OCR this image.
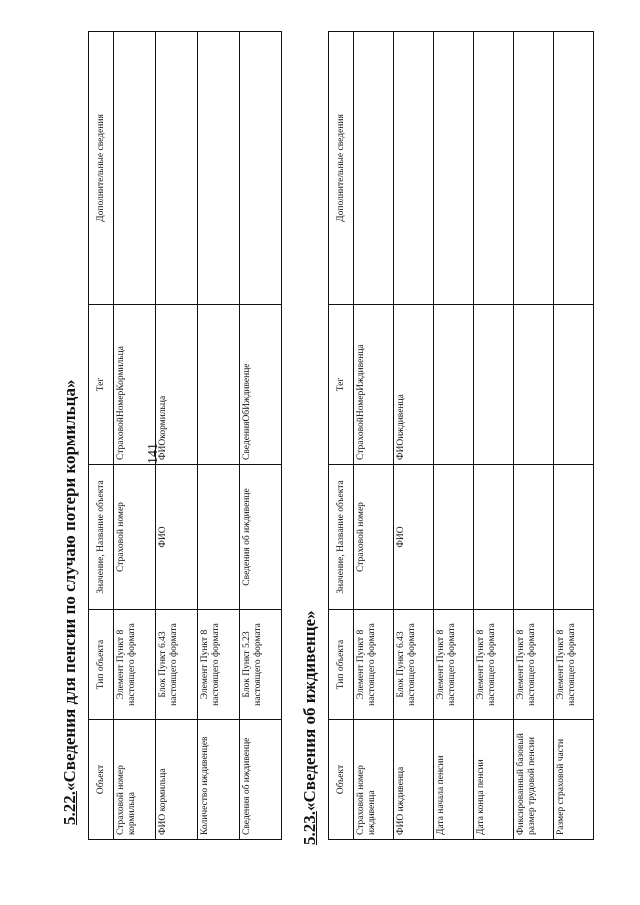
141
5.22.«Сведения для пенсии по случаю потери кормильца» Объект	Тип объекта	Значение, Название объекта	Тег	Дополнительные сведения
Страховой номер кормильца	Элемент Пункт 8 настоящего формата	Страховой номер	СтраховойНомерКормильца	
ФИО кормильца	Блок Пункт 6.43 настоящего формата	ФИО	ФИОкормильца	
Количество иждивенцев	Элемент Пункт 8 настоящего формата			
Сведения об иждивенце	Блок Пункт 5.23 настоящего формата	Сведения об иждивенце	СведенияОбИждивенце	
5.23.«Сведения об иждивенце» Объект	Тип объекта	Значение, Название объекта	Тег	Дополнительные сведения
Страховой номер иждивенца	Элемент Пункт 8 настоящего формата	Страховой номер	СтраховойНомерИждивенца	
ФИО иждивенца	Блок Пункт 6.43 настоящего формата	ФИО	ФИОиждивенца	
Дата начала пенсии	Элемент Пункт 8 настоящего формата			
Дата конца пенсии	Элемент Пункт 8 настоящего формата			
Фиксированный базовый размер трудовой пенсии	Элемент Пункт 8 настоящего формата			
Размер страховой части	Элемент Пункт 8 настоящего формата			
